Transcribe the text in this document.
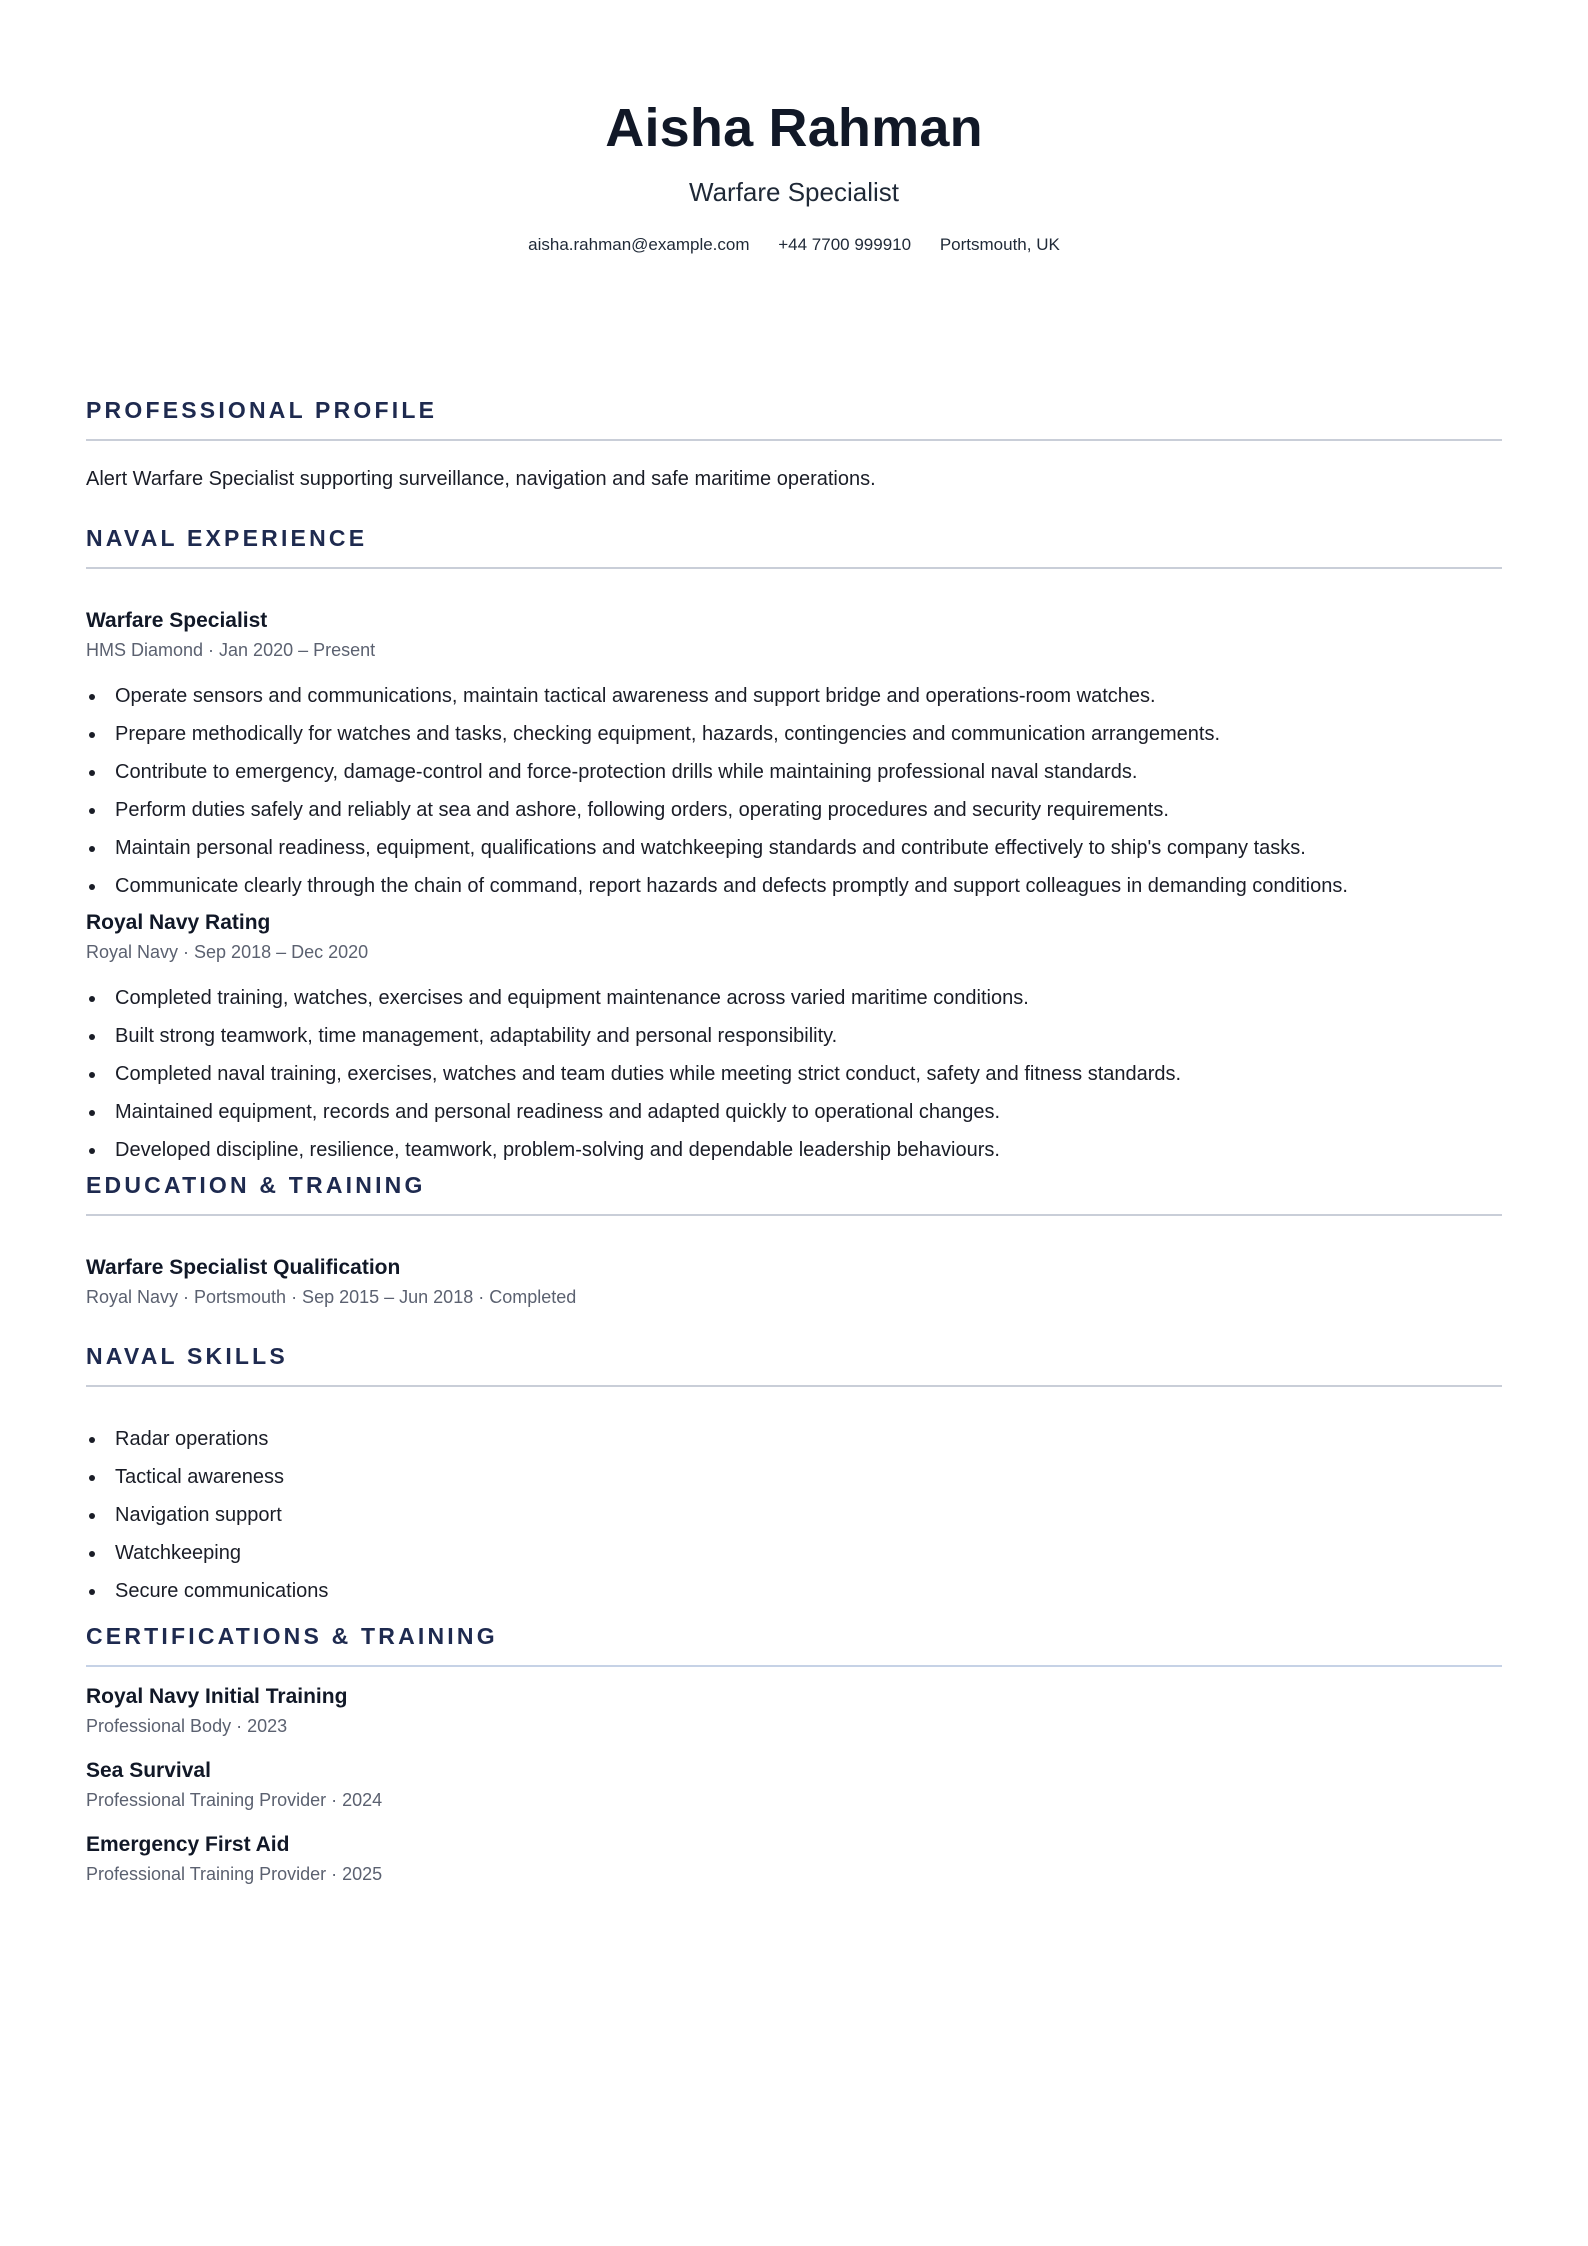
Aisha Rahman
Warfare Specialist
aisha.rahman@example.com +44 7700 999910 Portsmouth, UK
PROFESSIONAL PROFILE
Alert Warfare Specialist supporting surveillance, navigation and safe maritime operations.
NAVAL EXPERIENCE
Warfare Specialist
HMS Diamond · Jan 2020 – Present
Operate sensors and communications, maintain tactical awareness and support bridge and operations-room watches.
Prepare methodically for watches and tasks, checking equipment, hazards, contingencies and communication arrangements.
Contribute to emergency, damage-control and force-protection drills while maintaining professional naval standards.
Perform duties safely and reliably at sea and ashore, following orders, operating procedures and security requirements.
Maintain personal readiness, equipment, qualifications and watchkeeping standards and contribute effectively to ship's company tasks.
Communicate clearly through the chain of command, report hazards and defects promptly and support colleagues in demanding conditions.
Royal Navy Rating
Royal Navy · Sep 2018 – Dec 2020
Completed training, watches, exercises and equipment maintenance across varied maritime conditions.
Built strong teamwork, time management, adaptability and personal responsibility.
Completed naval training, exercises, watches and team duties while meeting strict conduct, safety and fitness standards.
Maintained equipment, records and personal readiness and adapted quickly to operational changes.
Developed discipline, resilience, teamwork, problem-solving and dependable leadership behaviours.
EDUCATION & TRAINING
Warfare Specialist Qualification
Royal Navy · Portsmouth · Sep 2015 – Jun 2018 · Completed
NAVAL SKILLS
Radar operations
Tactical awareness
Navigation support
Watchkeeping
Secure communications
CERTIFICATIONS & TRAINING
Royal Navy Initial Training
Professional Body · 2023
Sea Survival
Professional Training Provider · 2024
Emergency First Aid
Professional Training Provider · 2025
